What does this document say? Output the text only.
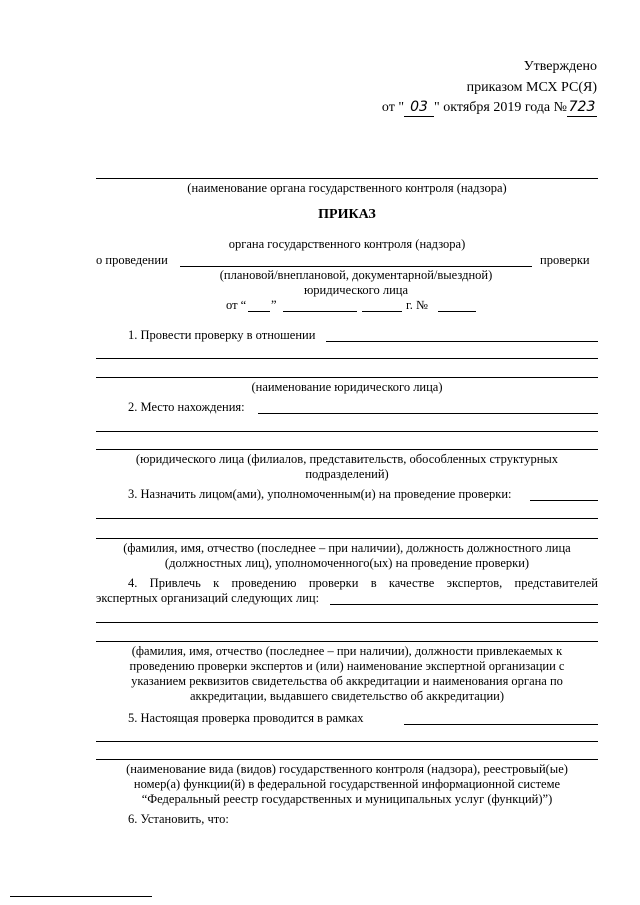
Утверждено
приказом МСХ РС(Я)
от " 03 " октября 2019 года № 723
(наименование органа государственного контроля (надзора)
ПРИКАЗ
органа государственного контроля (надзора)
о проведении	проверки
(плановой/внеплановой, документарной/выездной)
юридического лица
от “ ”	г. №
1. Провести проверку в отношении
(наименование юридического лица)
2. Место нахождения:
(юридического лица (филиалов, представительств, обособленных структурных
подразделений)
3. Назначить лицом(ами), уполномоченным(и) на проведение проверки:
(фамилия, имя, отчество (последнее – при наличии), должность должностного лица
(должностных лиц), уполномоченного(ых) на проведение проверки)
4. Привлечь к проведению проверки в качестве экспертов, представителей
экспертных организаций следующих лиц:
(фамилия, имя, отчество (последнее – при наличии), должности привлекаемых к
проведению проверки экспертов и (или) наименование экспертной организации с
указанием реквизитов свидетельства об аккредитации и наименования органа по
аккредитации, выдавшего свидетельство об аккредитации)
5. Настоящая проверка проводится в рамках
(наименование вида (видов) государственного контроля (надзора), реестровый(ые)
номер(а) функции(й) в федеральной государственной информационной системе
“Федеральный реестр государственных и муниципальных услуг (функций)”)
6. Установить, что:
